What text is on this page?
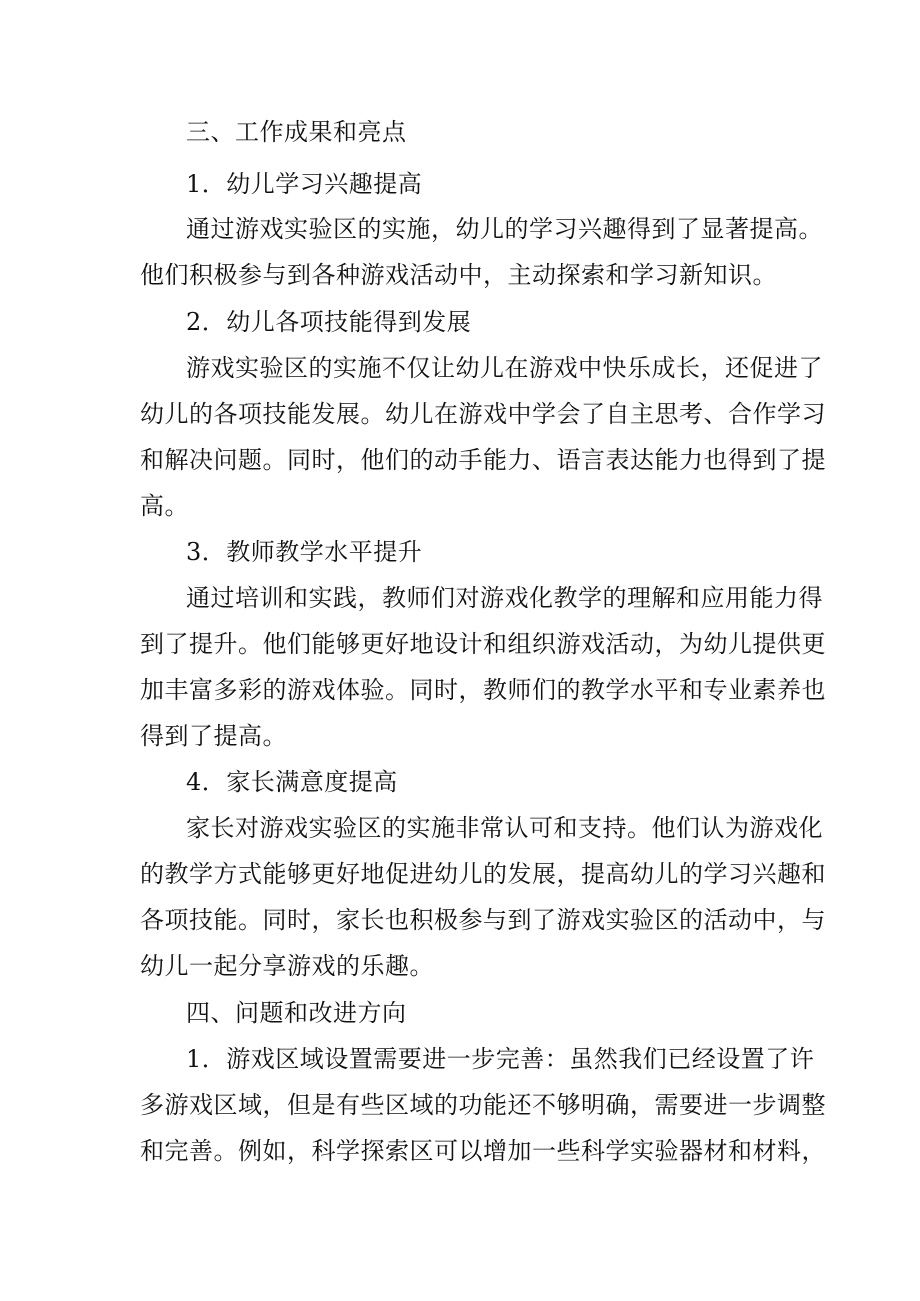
三、工作成果和亮点
1．幼儿学习兴趣提高
通过游戏实验区的实施，幼儿的学习兴趣得到了显著提高。
他们积极参与到各种游戏活动中，主动探索和学习新知识。
2．幼儿各项技能得到发展
游戏实验区的实施不仅让幼儿在游戏中快乐成长，还促进了
幼儿的各项技能发展。幼儿在游戏中学会了自主思考、合作学习
和解决问题。同时，他们的动手能力、语言表达能力也得到了提
高。
3．教师教学水平提升
通过培训和实践，教师们对游戏化教学的理解和应用能力得
到了提升。他们能够更好地设计和组织游戏活动，为幼儿提供更
加丰富多彩的游戏体验。同时，教师们的教学水平和专业素养也
得到了提高。
4．家长满意度提高
家长对游戏实验区的实施非常认可和支持。他们认为游戏化
的教学方式能够更好地促进幼儿的发展，提高幼儿的学习兴趣和
各项技能。同时，家长也积极参与到了游戏实验区的活动中，与
幼儿一起分享游戏的乐趣。
四、问题和改进方向
1．游戏区域设置需要进一步完善：虽然我们已经设置了许
多游戏区域，但是有些区域的功能还不够明确，需要进一步调整
和完善。例如，科学探索区可以增加一些科学实验器材和材料，
